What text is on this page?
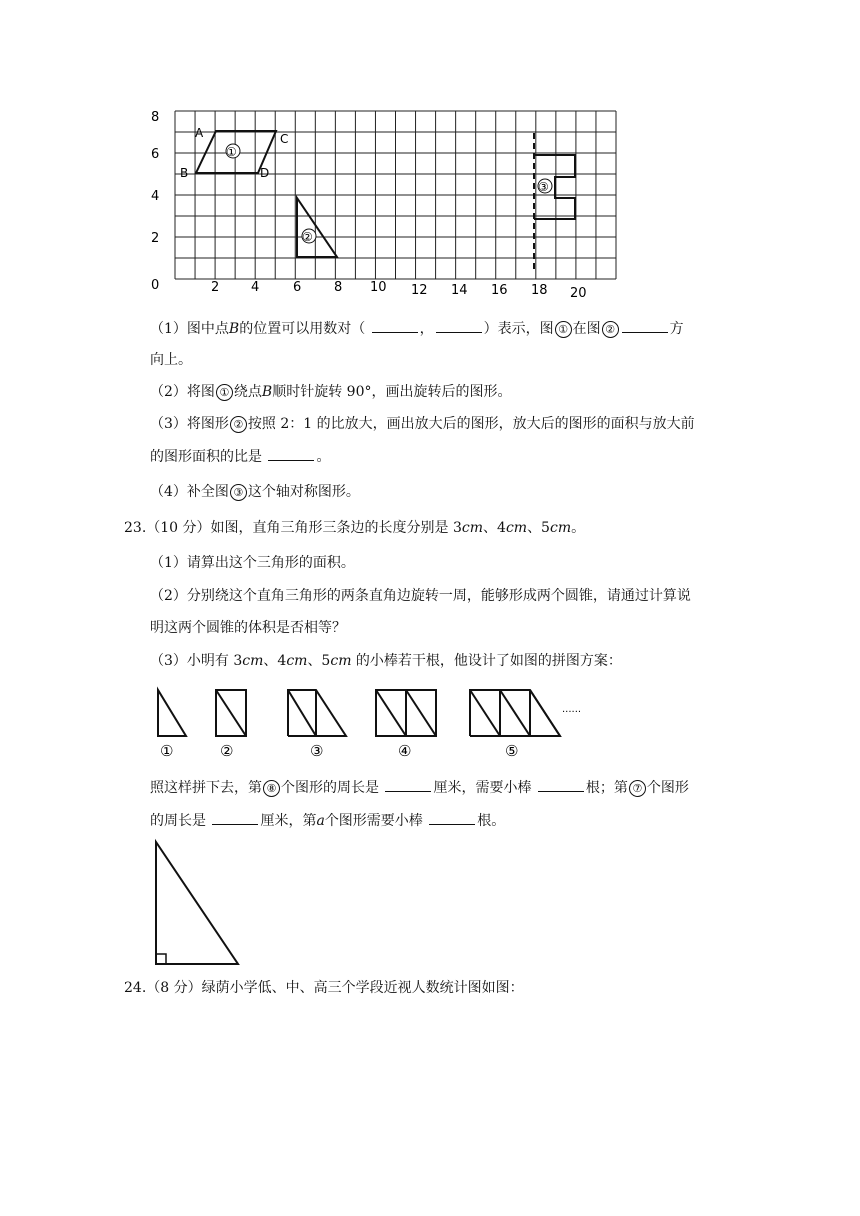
8
6
4
2
0	2 4	6	8 10 12 14 16 18 20
A
B
C
D
①
②
③
（1）图中点B的位置可以用数对（	，	）表示，图 ① 在图 ②	方
向上。
（2）将图 ① 绕点B顺时针旋转 90°，画出旋转后的图形。
（3）将图形 ② 按照 2：1 的比放大，画出放大后的图形，放大后的图形的面积与放大前
的图形面积的比是	。
（4）补全图 ③ 这个轴对称图形。
23.（10 分）如图，直角三角形三条边的长度分别是 3cm、4cm、5cm。
（1）请算出这个三角形的面积。
（2）分别绕这个直角三角形的两条直角边旋转一周，能够形成两个圆锥，请通过计算说
明这两个圆锥的体积是否相等？
（3）小明有 3cm、4cm、5cm 的小棒若干根，他设计了如图的拼图方案：
······
①	②	③	④	⑤
照这样拼下去，第 ⑧ 个图形的周长是	厘米，需要小棒	根；第 ⑦ 个图形
的周长是	厘米，第a个图形需要小棒	根。
24.（8 分）绿荫小学低、中、高三个学段近视人数统计图如图：
